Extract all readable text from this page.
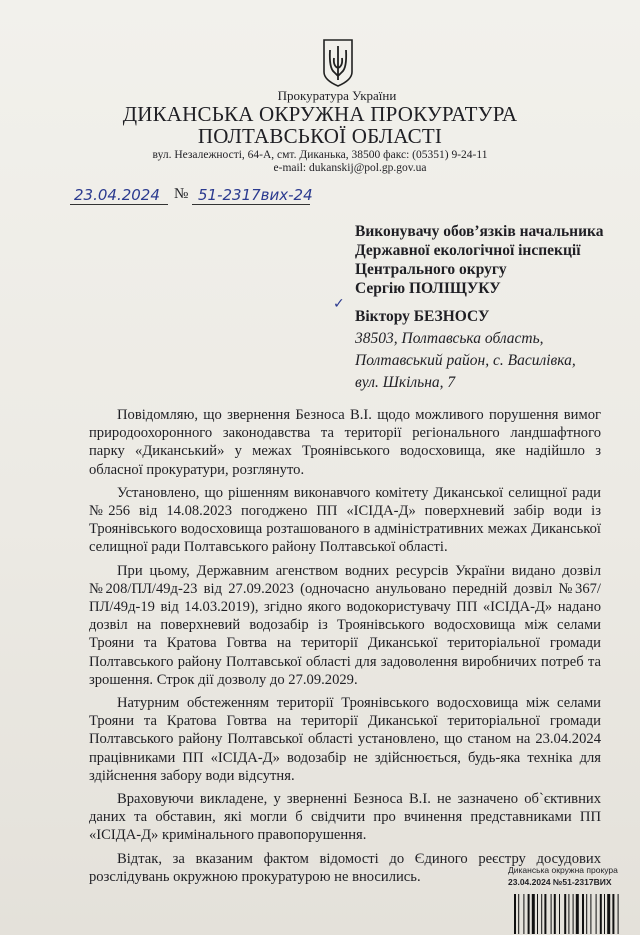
Прокуратура України
ДИКАНСЬКА ОКРУЖНА ПРОКУРАТУРА
ПОЛТАВСЬКОЇ ОБЛАСТІ
вул. Незалежності, 64-А, смт. Диканька, 38500 факс: (05351) 9-24-11
e-mail: dukanskij@pol.gp.gov.ua
23.04.2024 № 51-2317вих-24
Виконувачу обов’язків начальника
Державної екологічної інспекції
Центрального округу
Сергію ПОЛІЩУКУ
✓
Віктору БЕЗНОСУ
38503, Полтавська область,
Полтавський район, с. Василівка,
вул. Шкільна, 7

Повідомляю, що звернення Безноса В.І. щодо можливого порушення вимог природоохоронного законодавства та території регіонального ландшафтного парку «Диканський» у межах Троянівського водосховища, яке надійшло з обласної прокуратури, розглянуто.

Установлено, що рішенням виконавчого комітету Диканської селищної ради №256 від 14.08.2023 погоджено ПП «ІСІДА-Д» поверхневий забір води із Троянівського водосховища розташованого в адміністративних межах Диканської селищної ради Полтавського району Полтавської області.

При цьому, Державним агенством водних ресурсів України видано дозвіл №208/ПЛ/49д-23 від 27.09.2023 (одночасно анульовано передній дозвіл №367/ПЛ/49д-19 від 14.03.2019), згідно якого водокористувачу ПП «ІСІДА-Д» надано дозвіл на поверхневий водозабір із Троянівського водосховища між селами Трояни та Кратова Говтва на території Диканської територіальної громади Полтавського району Полтавської області для задоволення виробничих потреб та зрошення. Строк дії дозволу до 27.09.2029.

Натурним обстеженням території Троянівського водосховища між селами Трояни та Кратова Говтва на території Диканської територіальної громади Полтавського району Полтавської області установлено, що станом на 23.04.2024 працівниками ПП «ІСІДА-Д» водозабір не здійснюється, будь-яка техніка для здійснення забору води відсутня.

Враховуючи викладене, у зверненні Безноса В.І. не зазначено об`єктивних даних та обставин, які могли б свідчити про вчинення представниками ПП «ІСІДА-Д» кримінального правопорушення.

Відтак, за вказаним фактом відомості до Єдиного реєстру досудових розслідувань окружною прокуратурою не вносились.	Диканська окружна прокура
23.04.2024 №51-2317ВИХ
